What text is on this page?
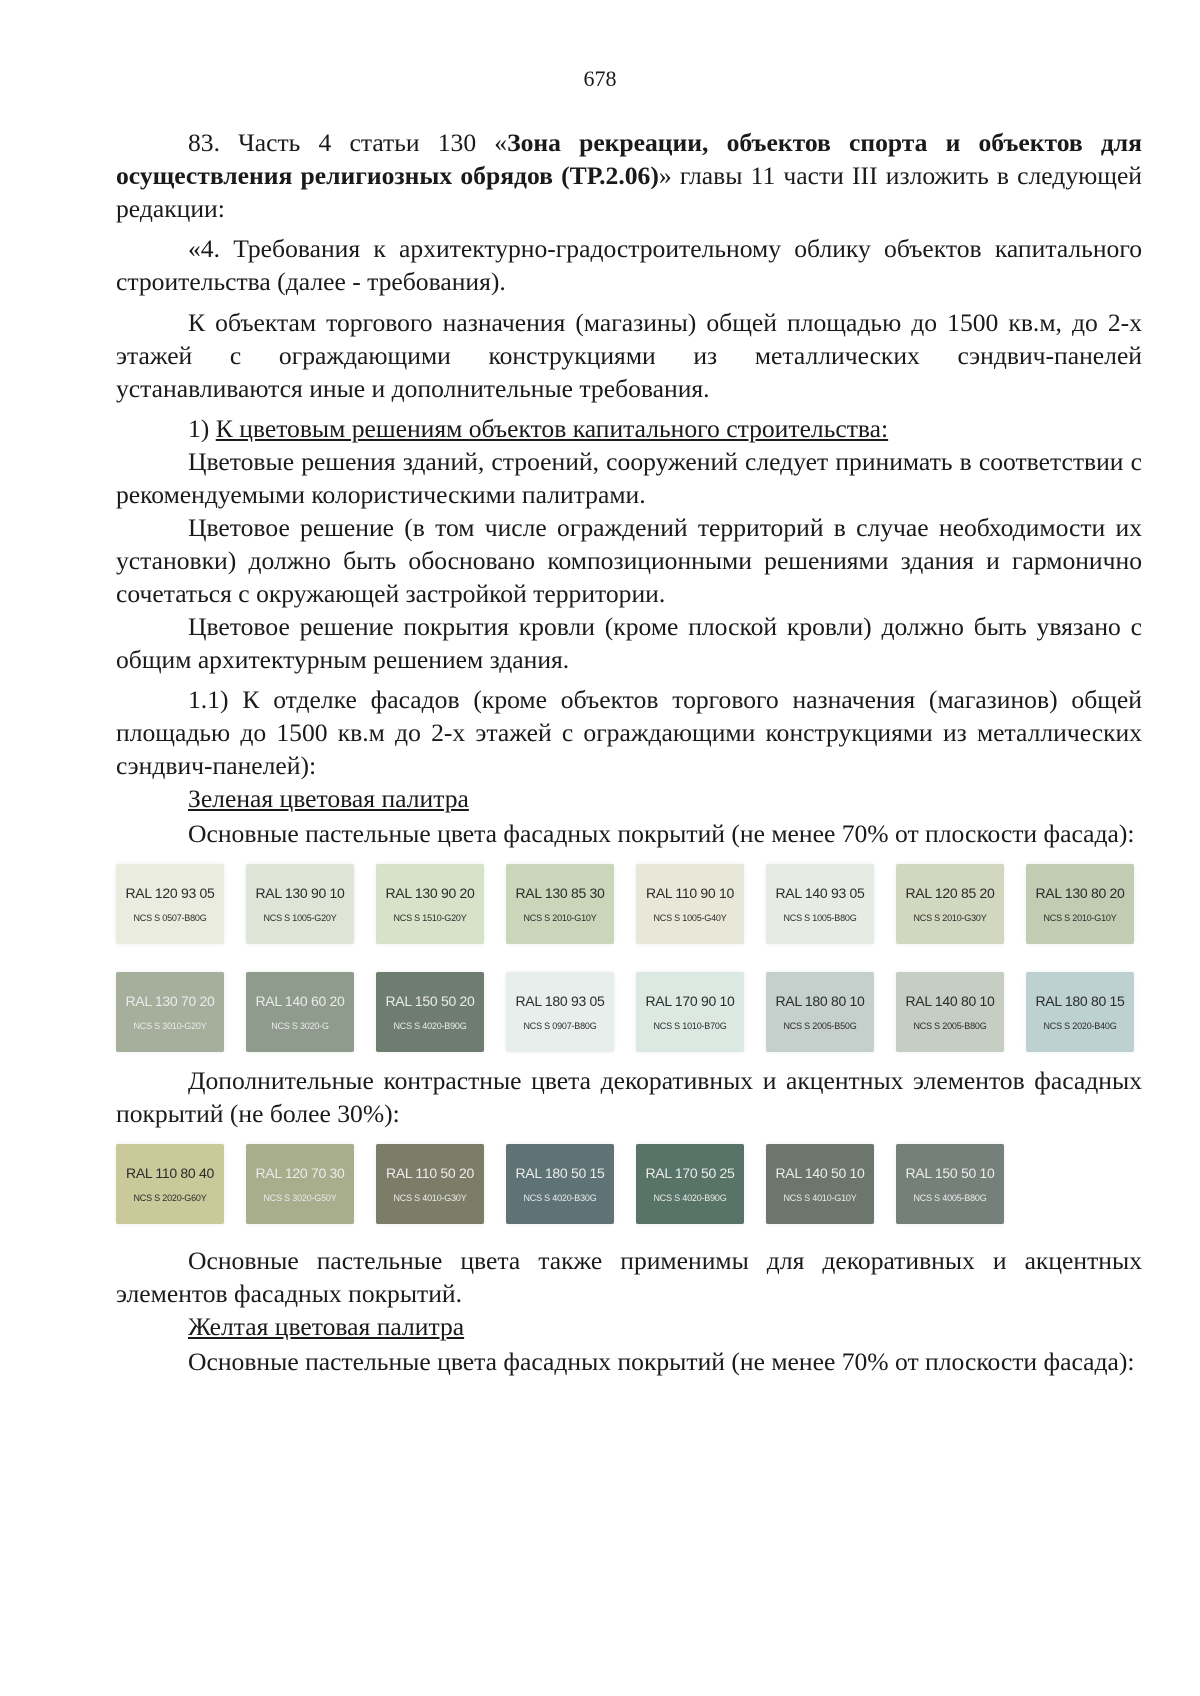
678

83. Часть 4 статьи 130 «Зона рекреации, объектов спорта и объектов для осуществления религиозных обрядов (ТР.2.06)» главы 11 части III изложить в следующей редакции:

«4. Требования к архитектурно-градостроительному облику объектов капитального строительства (далее - требования).

К объектам торгового назначения (магазины) общей площадью до 1500 кв.м, до 2-х этажей с ограждающими конструкциями из металлических сэндвич-панелей устанавливаются иные и дополнительные требования.

1) К цветовым решениям объектов капитального строительства:

Цветовые решения зданий, строений, сооружений следует принимать в соответствии с рекомендуемыми колористическими палитрами.

Цветовое решение (в том числе ограждений территорий в случае необходимости их установки) должно быть обосновано композиционными решениями здания и гармонично сочетаться с окружающей застройкой территории.

Цветовое решение покрытия кровли (кроме плоской кровли) должно быть увязано с общим архитектурным решением здания.

1.1) К отделке фасадов (кроме объектов торгового назначения (магазинов) общей площадью до 1500 кв.м до 2-х этажей с ограждающими конструкциями из металлических сэндвич-панелей):

Зеленая цветовая палитра

Основные пастельные цвета фасадных покрытий (не менее 70% от плоскости фасада):

RAL 120 93 05
NCS S 0507-B80G
RAL 130 90 10
NCS S 1005-G20Y
RAL 130 90 20
NCS S 1510-G20Y
RAL 130 85 30
NCS S 2010-G10Y
RAL 110 90 10
NCS S 1005-G40Y
RAL 140 93 05
NCS S 1005-B80G
RAL 120 85 20
NCS S 2010-G30Y
RAL 130 80 20
NCS S 2010-G10Y
RAL 130 70 20
NCS S 3010-G20Y
RAL 140 60 20
NCS S 3020-G
RAL 150 50 20
NCS S 4020-B90G
RAL 180 93 05
NCS S 0907-B80G
RAL 170 90 10
NCS S 1010-B70G
RAL 180 80 10
NCS S 2005-B50G
RAL 140 80 10
NCS S 2005-B80G
RAL 180 80 15
NCS S 2020-B40G

Дополнительные контрастные цвета декоративных и акцентных элементов фасадных покрытий (не более 30%):

RAL 110 80 40
NCS S 2020-G60Y
RAL 120 70 30
NCS S 3020-G50Y
RAL 110 50 20
NCS S 4010-G30Y
RAL 180 50 15
NCS S 4020-B30G
RAL 170 50 25
NCS S 4020-B90G
RAL 140 50 10
NCS S 4010-G10Y
RAL 150 50 10
NCS S 4005-B80G

Основные пастельные цвета также применимы для декоративных и акцентных элементов фасадных покрытий.

Желтая цветовая палитра

Основные пастельные цвета фасадных покрытий (не менее 70% от плоскости фасада):
